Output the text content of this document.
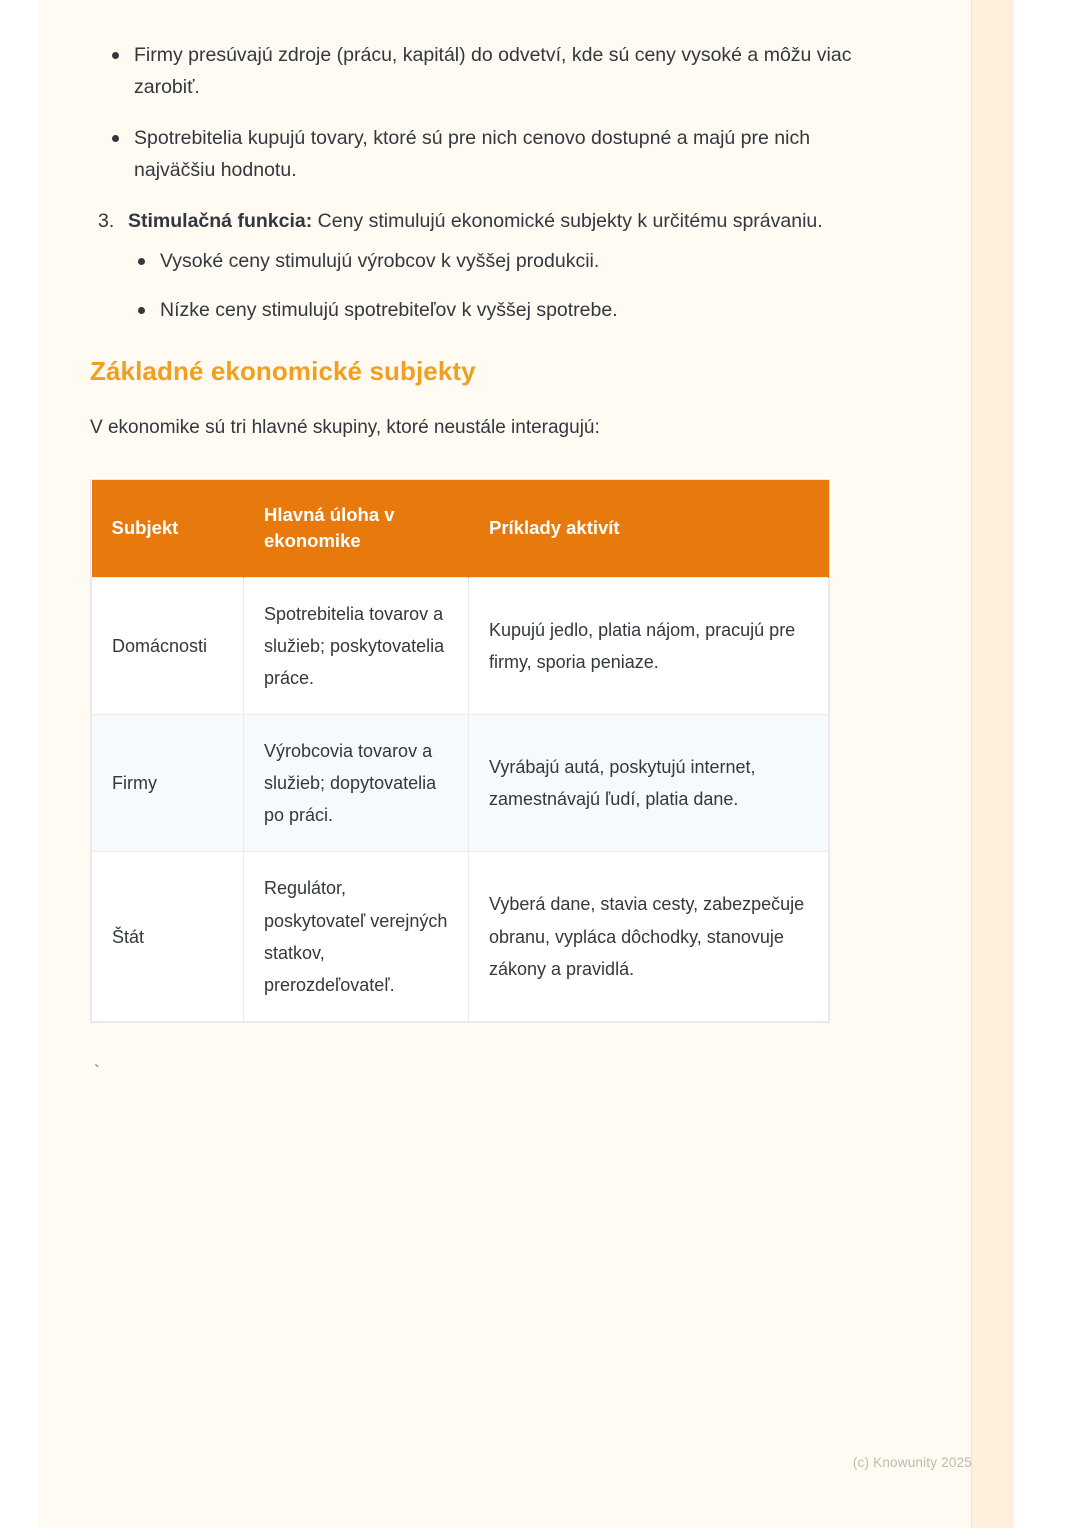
Firmy presúvajú zdroje (prácu, kapitál) do odvetví, kde sú ceny vysoké a môžu viac zarobiť.
Spotrebitelia kupujú tovary, ktoré sú pre nich cenovo dostupné a majú pre nich najväčšiu hodnotu.
3. Stimulačná funkcia: Ceny stimulujú ekonomické subjekty k určitému správaniu.
Vysoké ceny stimulujú výrobcov k vyššej produkcii.
Nízke ceny stimulujú spotrebiteľov k vyššej spotrebe.
Základné ekonomické subjekty

V ekonomike sú tri hlavné skupiny, ktoré neustále interagujú:

Subjekt	Hlavná úloha v ekonomike	Príklady aktivít
Domácnosti	Spotrebitelia tovarov a služieb; poskytovatelia práce.	Kupujú jedlo, platia nájom, pracujú pre firmy, sporia peniaze.
Firmy	Výrobcovia tovarov a služieb; dopytovatelia po práci.	Vyrábajú autá, poskytujú internet, zamestnávajú ľudí, platia dane.
Štát	Regulátor, poskytovateľ verejných statkov, prerozdeľovateľ.	Vyberá dane, stavia cesty, zabezpečuje obranu, vypláca dôchodky, stanovuje zákony a pravidlá.
`
(c) Knowunity 2025
